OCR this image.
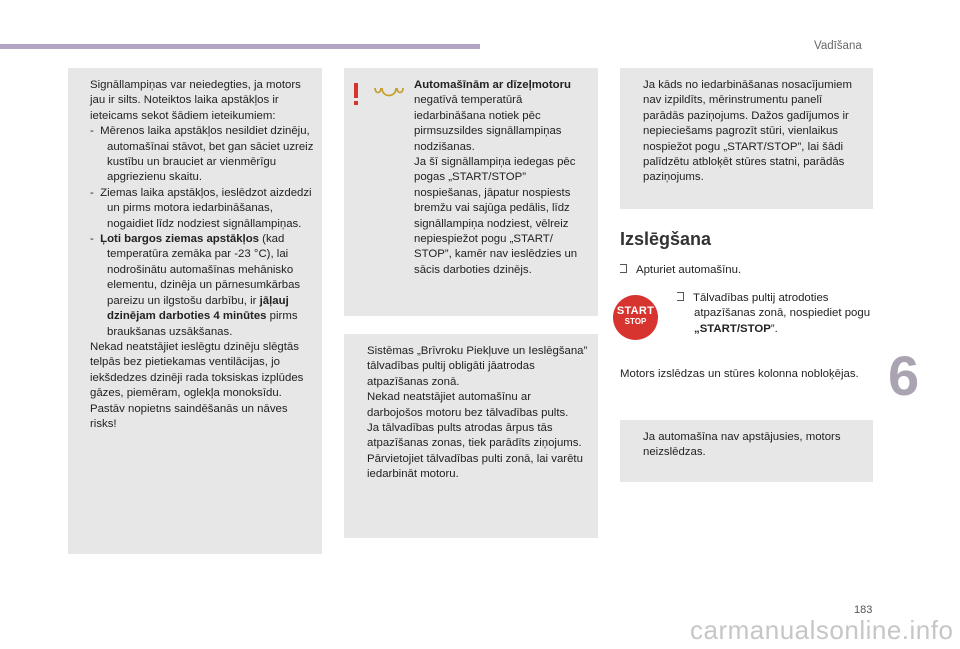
Vadīšana
6
183
carmanualsonline.info

Signāllampiņas var neiedegties, ja motors jau ir silts. Noteiktos laika apstākļos ir ieteicams sekot šādiem ieteikumiem:

-  Mērenos laika apstākļos nesildiet dzinēju, automašīnai stāvot, bet gan sāciet uzreiz kustību un brauciet ar vienmērīgu apgriezienu skaitu.

-  Ziemas laika apstākļos, ieslēdzot aizdedzi un pirms motora iedarbināšanas, nogaidiet līdz nodziest signāllampiņas.

-  Ļoti bargos ziemas apstākļos (kad temperatūra zemāka par -23 °C), lai nodrošinātu automašīnas mehānisko elementu, dzinēja un pārnesumkārbas pareizu un ilgstošu darbību, ir jāļauj dzinējam darboties 4 minūtes pirms braukšanas uzsākšanas.

Nekad neatstājiet ieslēgtu dzinēju slēgtās telpās bez pietiekamas ventilācijas, jo iekšdedzes dzinēji rada toksiskas izplūdes gāzes, piemēram, oglekļa monoksīdu. Pastāv nopietns saindēšanās un nāves risks!

Automašīnām ar dīzeļmotoru

negatīvā temperatūrā iedarbināšana notiek pēc pirmsuzsildes signāllampiņas nodzišanas.

Ja šī signāllampiņa iedegas pēc pogas „START/STOP” nospiešanas, jāpatur nospiests bremžu vai sajūga pedālis, līdz signāllampiņa nodziest, vēlreiz nepiespiežot pogu „START/ STOP”, kamēr nav ieslēdzies un sācis darboties dzinējs.

Sistēmas „Brīvroku Piekļuve un Ieslēgšana” tālvadības pultij obligāti jāatrodas atpazīšanas zonā.
Nekad neatstājiet automašīnu ar darbojošos motoru bez tālvadības pults.
Ja tālvadības pults atrodas ārpus tās atpazīšanas zonas, tiek parādīts ziņojums.
Pārvietojiet tālvadības pulti zonā, lai varētu iedarbināt motoru.

Ja kāds no iedarbināšanas nosacījumiem nav izpildīts, mērinstrumentu panelī parādās paziņojums. Dažos gadījumos ir nepieciešams pagrozīt stūri, vienlaikus nospiežot pogu „START/STOP”, lai šādi palīdzētu atbloķēt stūres statni, parādās paziņojums.

Izslēgšana
Apturiet automašīnu.
START
STOP
Tālvadības pultij atrodoties atpazīšanas zonā, nospiediet pogu „START/STOP”.
Motors izslēdzas un stūres kolonna nobloķējas.

Ja automašīna nav apstājusies, motors neizslēdzas.
